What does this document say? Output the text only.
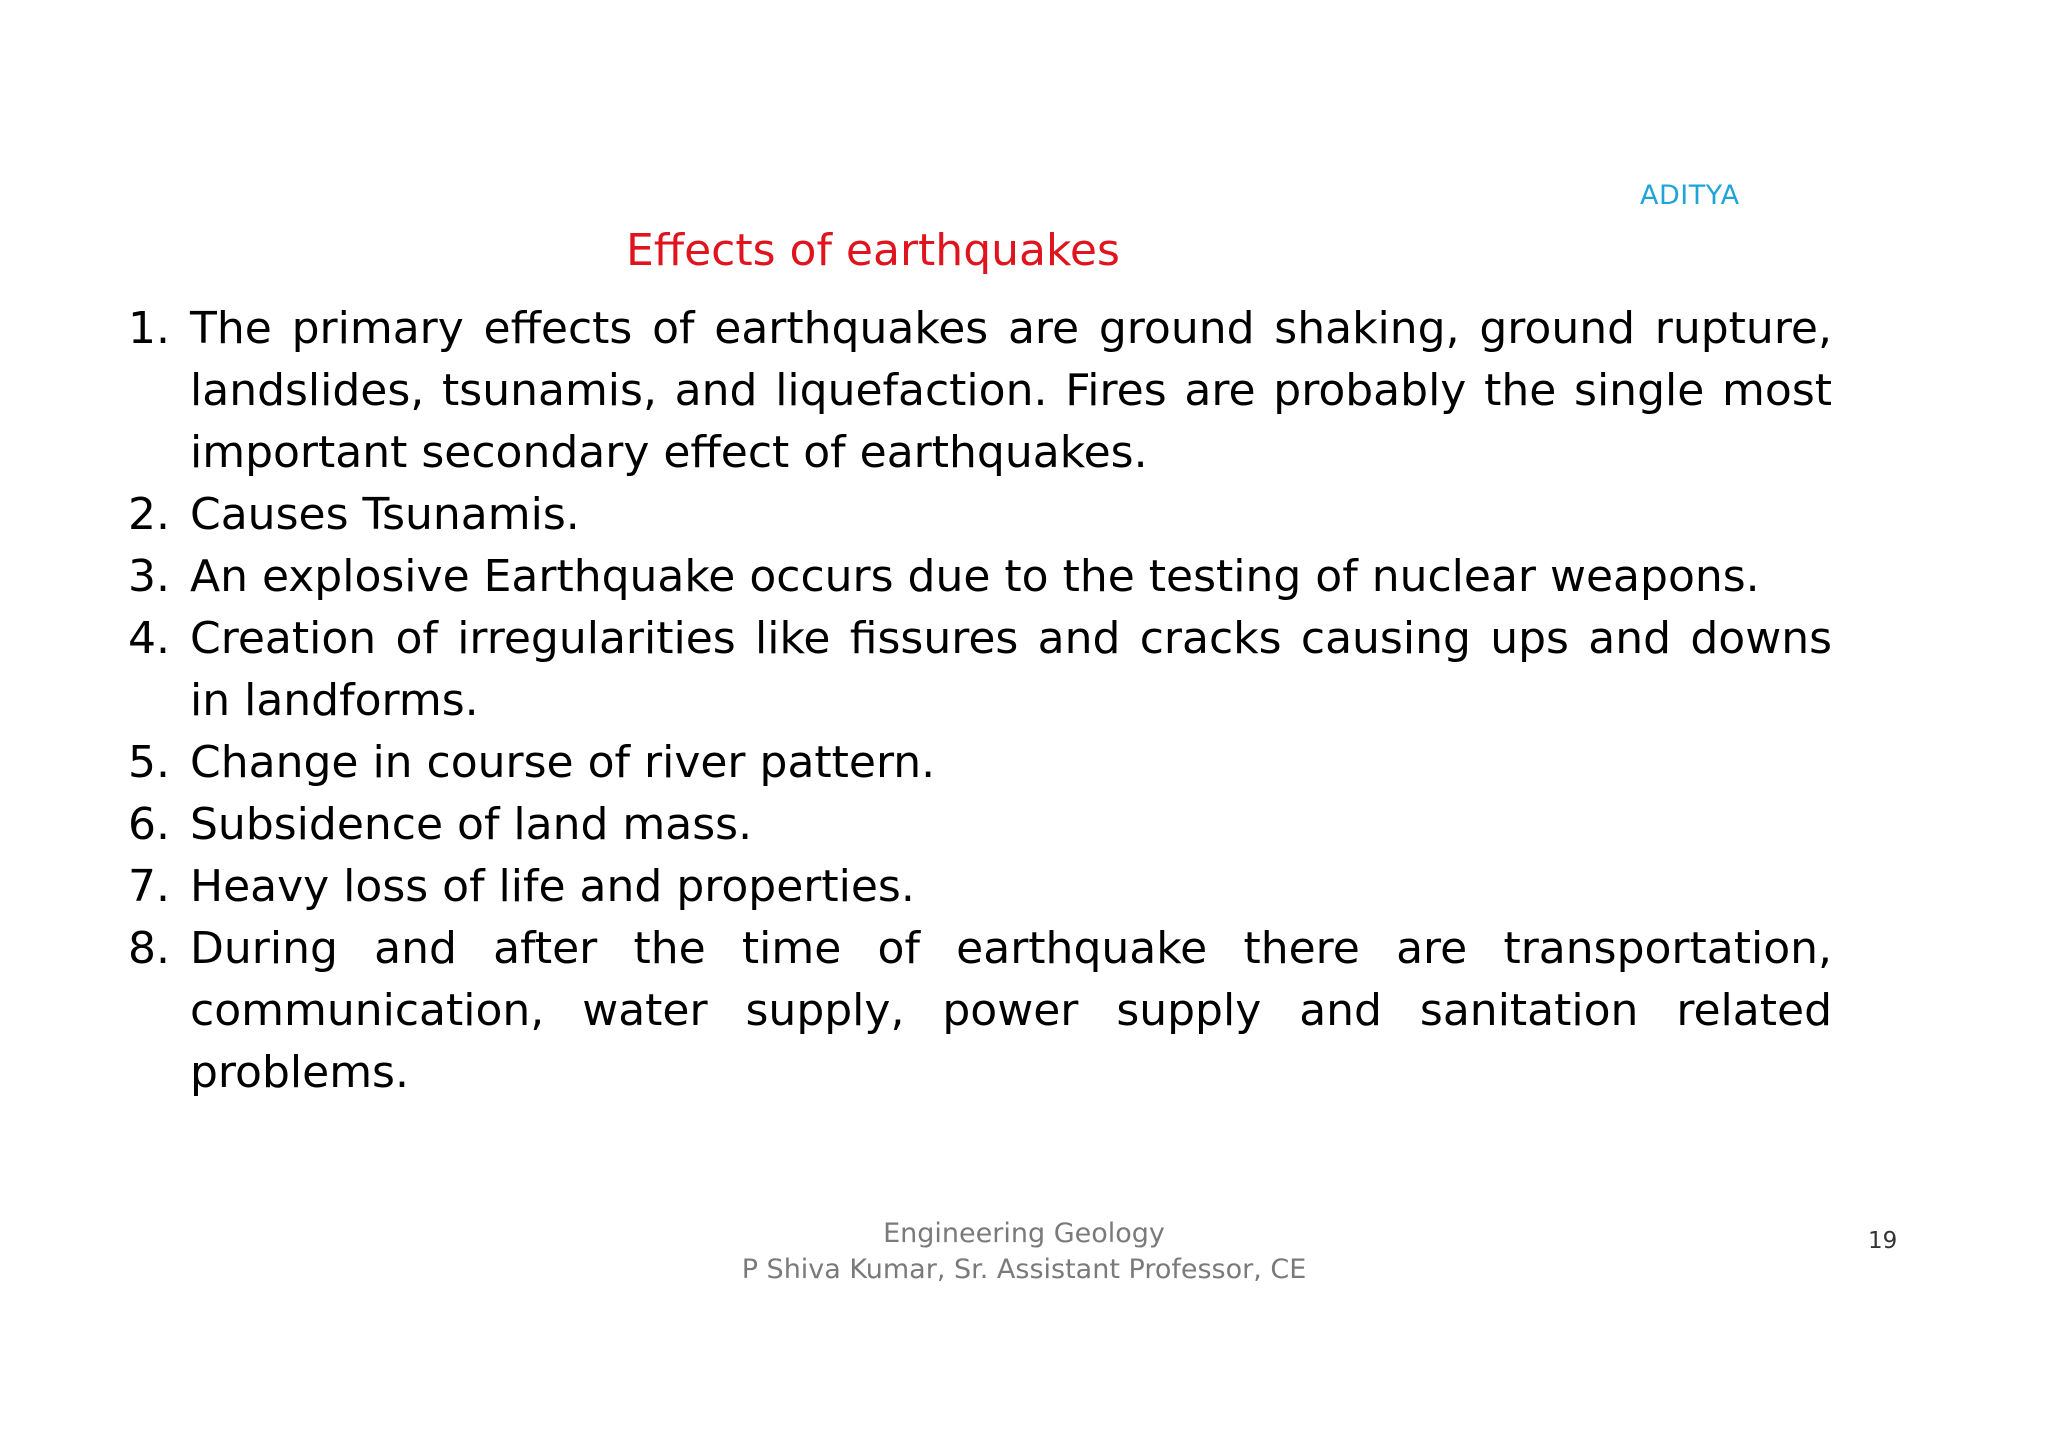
ADITYA
Effects of earthquakes
1. The primary effects of earthquakes are ground shaking, ground rupture, landslides, tsunamis, and liquefaction. Fires are probably the single most important secondary effect of earthquakes.
2. Causes Tsunamis.
3. An explosive Earthquake occurs due to the testing of nuclear weapons.
4. Creation of irregularities like fissures and cracks causing ups and downs in landforms.
5. Change in course of river pattern.
6. Subsidence of land mass.
7. Heavy loss of life and properties.
8. During and after the time of earthquake there are transportation, communication, water supply, power supply and sanitation related problems.
Engineering Geology
P Shiva Kumar, Sr. Assistant Professor, CE
19
